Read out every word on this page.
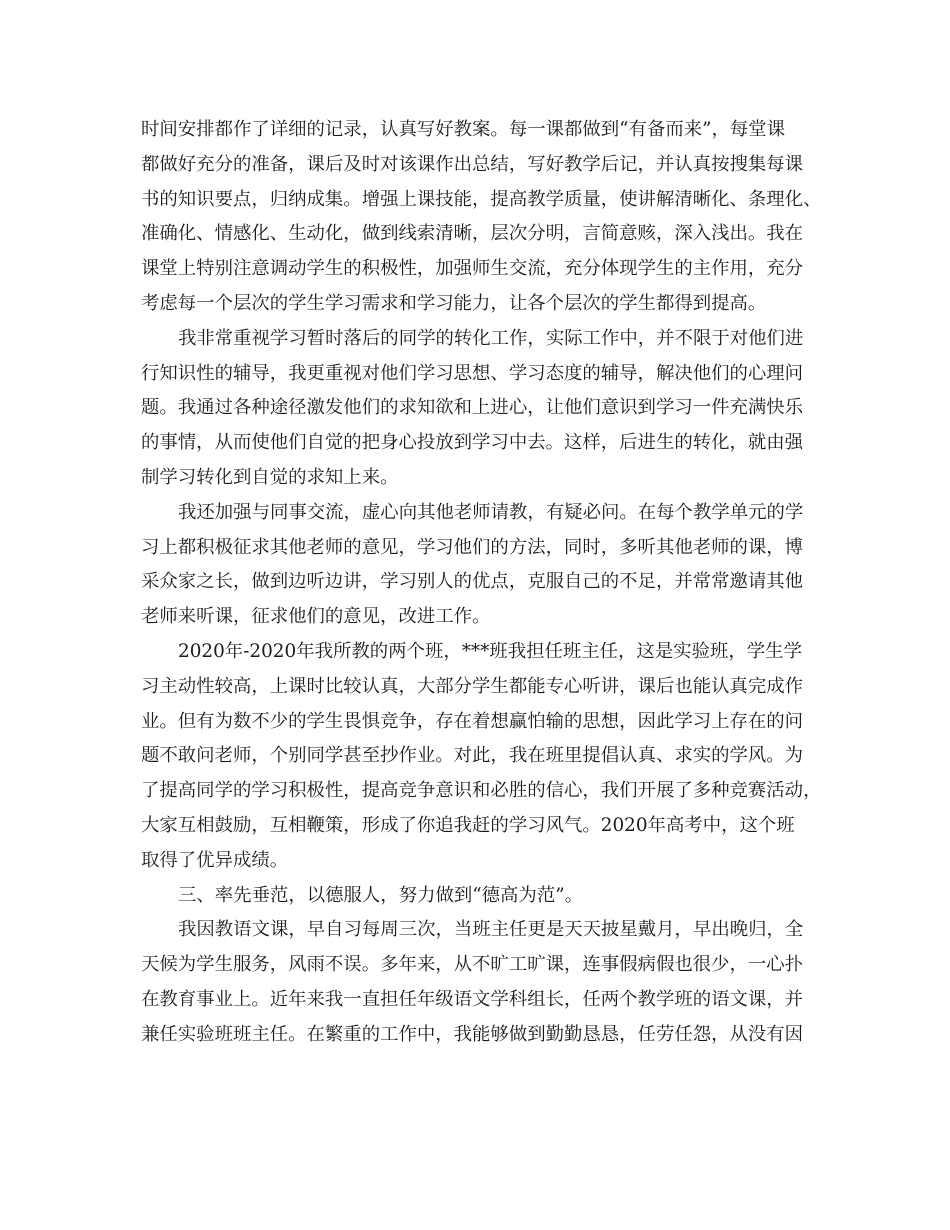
时间安排都作了详细的记录，认真写好教案。每一课都做到“有备而来”，每堂课
都做好充分的准备，课后及时对该课作出总结，写好教学后记，并认真按搜集每课
书的知识要点，归纳成集。增强上课技能，提高教学质量，使讲解清晰化、条理化、
准确化、情感化、生动化，做到线索清晰，层次分明，言简意赅，深入浅出。我在
课堂上特别注意调动学生的积极性，加强师生交流，充分体现学生的主作用，充分
考虑每一个层次的学生学习需求和学习能力，让各个层次的学生都得到提高。

我非常重视学习暂时落后的同学的转化工作，实际工作中，并不限于对他们进
行知识性的辅导，我更重视对他们学习思想、学习态度的辅导，解决他们的心理问
题。我通过各种途径激发他们的求知欲和上进心，让他们意识到学习一件充满快乐
的事情，从而使他们自觉的把身心投放到学习中去。这样，后进生的转化，就由强
制学习转化到自觉的求知上来。

我还加强与同事交流，虚心向其他老师请教，有疑必问。在每个教学单元的学
习上都积极征求其他老师的意见，学习他们的方法，同时，多听其他老师的课，博
采众家之长，做到边听边讲，学习别人的优点，克服自己的不足，并常常邀请其他
老师来听课，征求他们的意见，改进工作。

2020年-2020年我所教的两个班，***班我担任班主任，这是实验班，学生学
习主动性较高，上课时比较认真，大部分学生都能专心听讲，课后也能认真完成作
业。但有为数不少的学生畏惧竞争，存在着想赢怕输的思想，因此学习上存在的问
题不敢问老师，个别同学甚至抄作业。对此，我在班里提倡认真、求实的学风。为
了提高同学的学习积极性，提高竞争意识和必胜的信心，我们开展了多种竞赛活动，
大家互相鼓励，互相鞭策，形成了你追我赶的学习风气。2020年高考中，这个班
取得了优异成绩。

三、率先垂范，以德服人，努力做到“德高为范”。

我因教语文课，早自习每周三次，当班主任更是天天披星戴月，早出晚归，全
天候为学生服务，风雨不误。多年来，从不旷工旷课，连事假病假也很少，一心扑
在教育事业上。近年来我一直担任年级语文学科组长，任两个教学班的语文课，并
兼任实验班班主任。在繁重的工作中，我能够做到勤勤恳恳，任劳任怨，从没有因
